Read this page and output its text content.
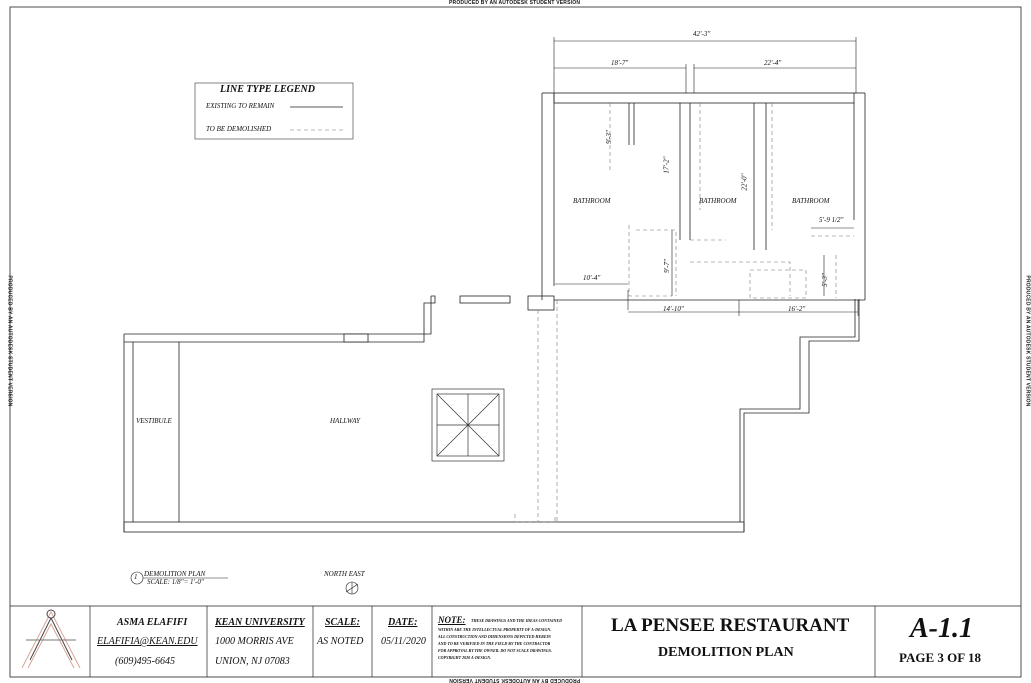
PRODUCED BY AN AUTODESK STUDENT VERSION
PRODUCED BY AN AUTODESK STUDENT VERSION
PRODUCED BY AN AUTODESK STUDENT VERSION	PRODUCED BY AN AUTODESK STUDENT VERSION
LINE TYPE LEGEND
EXISTING TO REMAIN
TO BE DEMOLISHED
42'-3"
18'-7"	22'-4"
9'-3"
17'-2"
22'-0"
5'-9 1/2"
9'-7"
5'-3"
10'-4"
14'-10"	16'-2"
BATHROOM	BATHROOM	BATHROOM
VESTIBULE	HALLWAY
1 DEMOLITION PLAN
SCALE: 1/8"= 1'-0"
NORTH EAST
ASMA ELAFIFI
ELAFIFIA@KEAN.EDU
(609)495-6645
KEAN UNIVERSITY
1000 MORRIS AVE
UNION, NJ 07083
SCALE:
AS NOTED
DATE:
05/11/2020
NOTE: THESE DRAWINGS AND THE IDEAS CONTAINED
WITHIN ARE THE INTELLECTUAL PROPERTY OF A-DESIGN.
ALL CONSTRUCTION AND DIMENSIONS DEPICTED HEREIN
AND TO BE VERIFIED IN THE FIELD BY THE CONTRACTOR
FOR APPROVAL BY THE OWNER. DO NOT SCALE DRAWINGS.
COPYRIGHT 2020 A-DESIGN.
LA PENSEE RESTAURANT
DEMOLITION PLAN
A-1.1
PAGE 3 OF 18
